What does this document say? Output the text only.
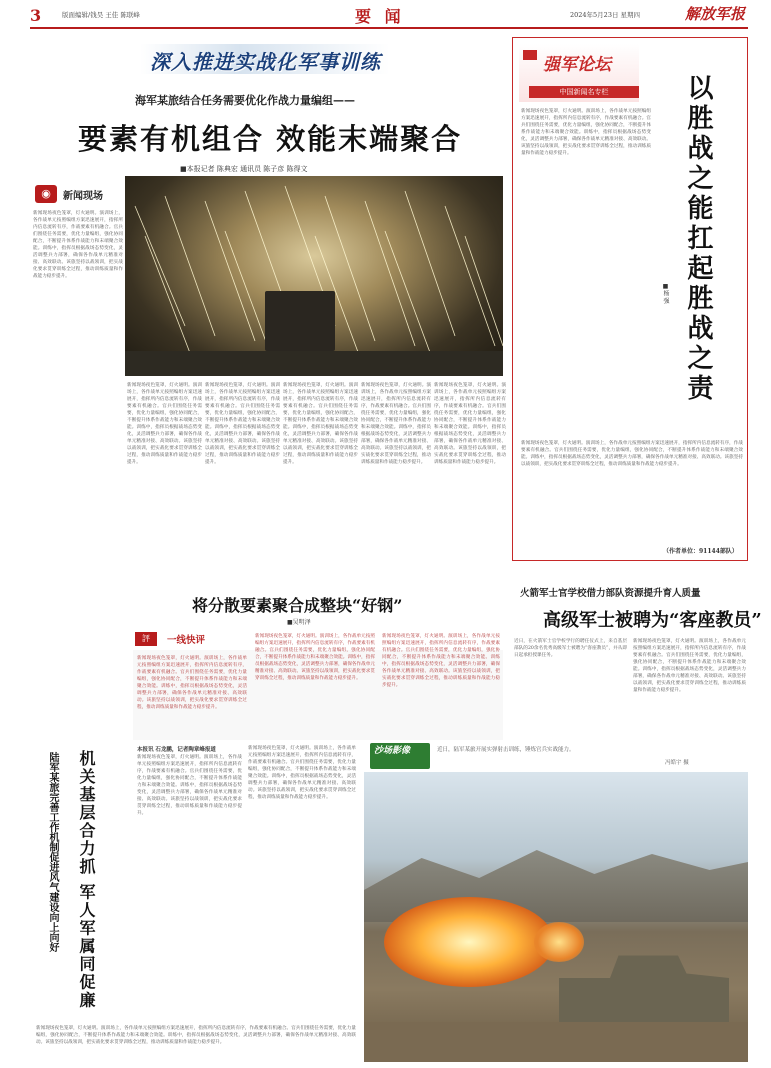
3	版面编辑/钱昊 王佳 陈联峰	要 闻	2024年5月23日 星期四	解放军报
深入推进实战化军事训练
海军某旅结合任务需要优化作战力量编组——
要素有机组合 效能末端聚合
■本报记者 陈典宏 通讯员 陈子彦 陈得文
◉	新闻现场
新闻现场夜色笼罩，灯火通明。演训场上，各作战单元按照编组方案迅速展开，指挥所内信息流转有序，作战要素有机融合。官兵们围绕任务需要，优化力量编组，强化协同配合，不断提升体系作战能力和末端聚合效能。训练中，指挥员根据战场态势变化，灵活调整兵力部署，确保各作战单元精准对接、高效联动。该旅坚持以战领训，把实战化要求贯穿训练全过程，推动训练质量和作战能力稳步提升。
新闻现场夜色笼罩，灯火通明。演训场上，各作战单元按照编组方案迅速展开，指挥所内信息流转有序，作战要素有机融合。官兵们围绕任务需要，优化力量编组，强化协同配合，不断提升体系作战能力和末端聚合效能。训练中，指挥员根据战场态势变化，灵活调整兵力部署，确保各作战单元精准对接、高效联动。该旅坚持以战领训，把实战化要求贯穿训练全过程，推动训练质量和作战能力稳步提升。
新闻现场夜色笼罩，灯火通明。演训场上，各作战单元按照编组方案迅速展开，指挥所内信息流转有序，作战要素有机融合。官兵们围绕任务需要，优化力量编组，强化协同配合，不断提升体系作战能力和末端聚合效能。训练中，指挥员根据战场态势变化，灵活调整兵力部署，确保各作战单元精准对接、高效联动。该旅坚持以战领训，把实战化要求贯穿训练全过程，推动训练质量和作战能力稳步提升。
新闻现场夜色笼罩，灯火通明。演训场上，各作战单元按照编组方案迅速展开，指挥所内信息流转有序，作战要素有机融合。官兵们围绕任务需要，优化力量编组，强化协同配合，不断提升体系作战能力和末端聚合效能。训练中，指挥员根据战场态势变化，灵活调整兵力部署，确保各作战单元精准对接、高效联动。该旅坚持以战领训，把实战化要求贯穿训练全过程，推动训练质量和作战能力稳步提升。
新闻现场夜色笼罩，灯火通明。演训场上，各作战单元按照编组方案迅速展开，指挥所内信息流转有序，作战要素有机融合。官兵们围绕任务需要，优化力量编组，强化协同配合，不断提升体系作战能力和末端聚合效能。训练中，指挥员根据战场态势变化，灵活调整兵力部署，确保各作战单元精准对接、高效联动。该旅坚持以战领训，把实战化要求贯穿训练全过程，推动训练质量和作战能力稳步提升。
新闻现场夜色笼罩，灯火通明。演训场上，各作战单元按照编组方案迅速展开，指挥所内信息流转有序，作战要素有机融合。官兵们围绕任务需要，优化力量编组，强化协同配合，不断提升体系作战能力和末端聚合效能。训练中，指挥员根据战场态势变化，灵活调整兵力部署，确保各作战单元精准对接、高效联动。该旅坚持以战领训，把实战化要求贯穿训练全过程，推动训练质量和作战能力稳步提升。
强军论坛
中国新闻名专栏	以胜战之能扛起胜战之责
■杨 强
新闻现场夜色笼罩，灯火通明。演训场上，各作战单元按照编组方案迅速展开，指挥所内信息流转有序，作战要素有机融合。官兵们围绕任务需要，优化力量编组，强化协同配合，不断提升体系作战能力和末端聚合效能。训练中，指挥员根据战场态势变化，灵活调整兵力部署，确保各作战单元精准对接、高效联动。该旅坚持以战领训，把实战化要求贯穿训练全过程，推动训练质量和作战能力稳步提升。
新闻现场夜色笼罩，灯火通明。演训场上，各作战单元按照编组方案迅速展开，指挥所内信息流转有序，作战要素有机融合。官兵们围绕任务需要，优化力量编组，强化协同配合，不断提升体系作战能力和末端聚合效能。训练中，指挥员根据战场态势变化，灵活调整兵力部署，确保各作战单元精准对接、高效联动。该旅坚持以战领训，把实战化要求贯穿训练全过程，推动训练质量和作战能力稳步提升。
（作者单位：91144部队）
火箭军士官学校借力部队资源提升育人质量
高级军士被聘为“客座教员”
近日，在火箭军士官学校学行的聘任仪式上，来自基层部队的20余名优秀高级军士被聘为“客座教员”，并从即日起承担授课任务。
新闻现场夜色笼罩，灯火通明。演训场上，各作战单元按照编组方案迅速展开，指挥所内信息流转有序，作战要素有机融合。官兵们围绕任务需要，优化力量编组，强化协同配合，不断提升体系作战能力和末端聚合效能。训练中，指挥员根据战场态势变化，灵活调整兵力部署，确保各作战单元精准对接、高效联动。该旅坚持以战领训，把实战化要求贯穿训练全过程，推动训练质量和作战能力稳步提升。
将分散要素聚合成整块“好钢”
■吴明泽
評	一线快评
新闻现场夜色笼罩，灯火通明。演训场上，各作战单元按照编组方案迅速展开，指挥所内信息流转有序，作战要素有机融合。官兵们围绕任务需要，优化力量编组，强化协同配合，不断提升体系作战能力和末端聚合效能。训练中，指挥员根据战场态势变化，灵活调整兵力部署，确保各作战单元精准对接、高效联动。该旅坚持以战领训，把实战化要求贯穿训练全过程，推动训练质量和作战能力稳步提升。
新闻现场夜色笼罩，灯火通明。演训场上，各作战单元按照编组方案迅速展开，指挥所内信息流转有序，作战要素有机融合。官兵们围绕任务需要，优化力量编组，强化协同配合，不断提升体系作战能力和末端聚合效能。训练中，指挥员根据战场态势变化，灵活调整兵力部署，确保各作战单元精准对接、高效联动。该旅坚持以战领训，把实战化要求贯穿训练全过程，推动训练质量和作战能力稳步提升。
新闻现场夜色笼罩，灯火通明。演训场上，各作战单元按照编组方案迅速展开，指挥所内信息流转有序，作战要素有机融合。官兵们围绕任务需要，优化力量编组，强化协同配合，不断提升体系作战能力和末端聚合效能。训练中，指挥员根据战场态势变化，灵活调整兵力部署，确保各作战单元精准对接、高效联动。该旅坚持以战领训，把实战化要求贯穿训练全过程，推动训练质量和作战能力稳步提升。
机关基层合力抓 军人军属同促廉
陆军某旅完善工作机制促进风气建设向上向好
本报讯 石龙鹏，记者陶章峰报道
新闻现场夜色笼罩，灯火通明。演训场上，各作战单元按照编组方案迅速展开，指挥所内信息流转有序，作战要素有机融合。官兵们围绕任务需要，优化力量编组，强化协同配合，不断提升体系作战能力和末端聚合效能。训练中，指挥员根据战场态势变化，灵活调整兵力部署，确保各作战单元精准对接、高效联动。该旅坚持以战领训，把实战化要求贯穿训练全过程，推动训练质量和作战能力稳步提升。
新闻现场夜色笼罩，灯火通明。演训场上，各作战单元按照编组方案迅速展开，指挥所内信息流转有序，作战要素有机融合。官兵们围绕任务需要，优化力量编组，强化协同配合，不断提升体系作战能力和末端聚合效能。训练中，指挥员根据战场态势变化，灵活调整兵力部署，确保各作战单元精准对接、高效联动。该旅坚持以战领训，把实战化要求贯穿训练全过程，推动训练质量和作战能力稳步提升。
新闻现场夜色笼罩，灯火通明。演训场上，各作战单元按照编组方案迅速展开，指挥所内信息流转有序，作战要素有机融合。官兵们围绕任务需要，优化力量编组，强化协同配合，不断提升体系作战能力和末端聚合效能。训练中，指挥员根据战场态势变化，灵活调整兵力部署，确保各作战单元精准对接、高效联动。该旅坚持以战领训，把实战化要求贯穿训练全过程，推动训练质量和作战能力稳步提升。
沙场影像	近日，陆军某旅开展实弹射击训练，锤炼官兵实战能力。
冯皓宇 摄
